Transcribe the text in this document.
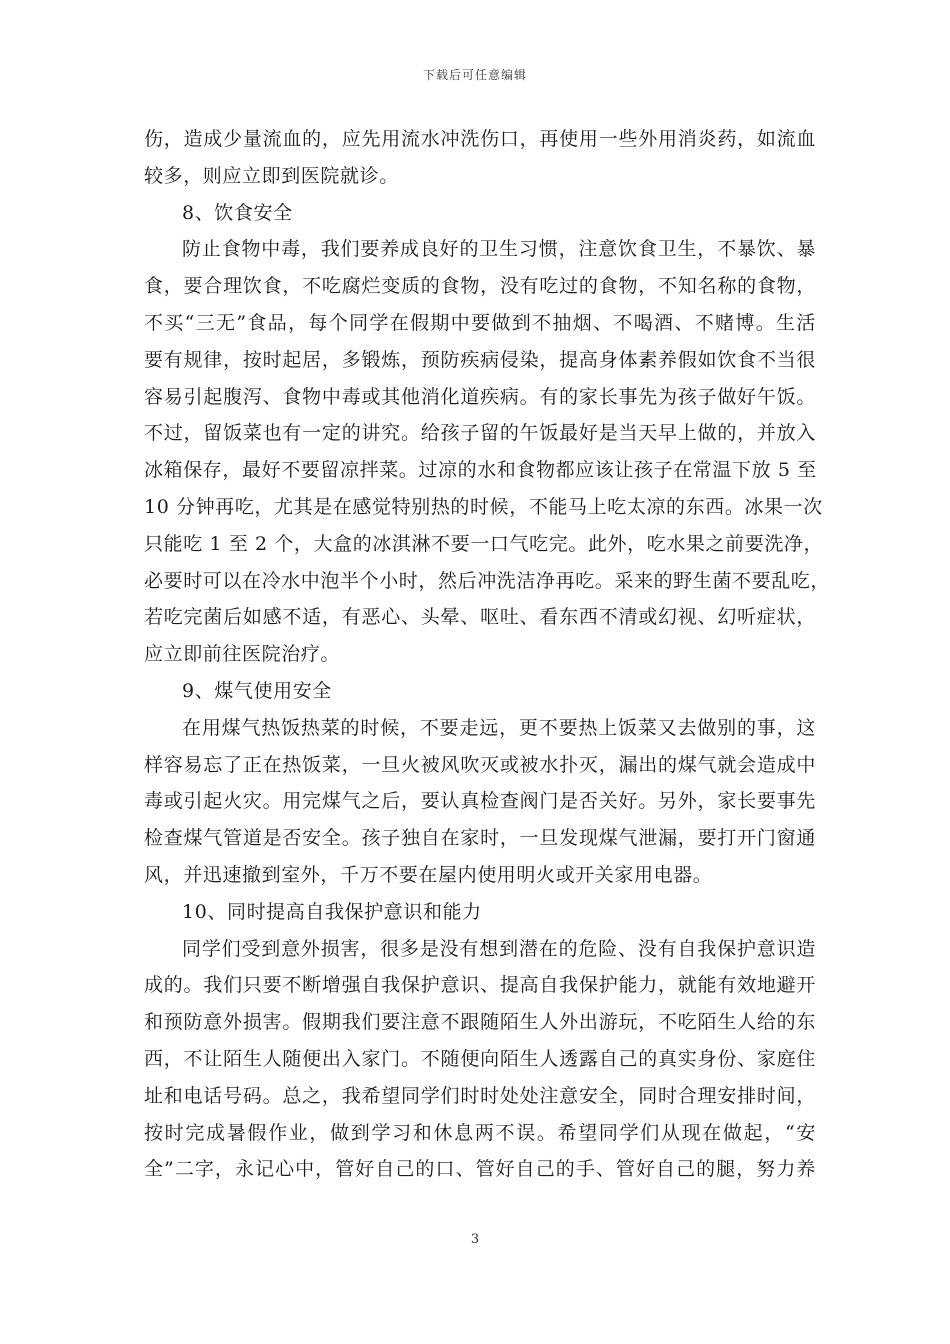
下载后可任意编辑
伤，造成少量流血的，应先用流水冲洗伤口，再使用一些外用消炎药，如流血
较多，则应立即到医院就诊。
8、饮食安全
防止食物中毒，我们要养成良好的卫生习惯，注意饮食卫生，不暴饮、暴
食，要合理饮食，不吃腐烂变质的食物，没有吃过的食物，不知名称的食物，
不买“三无”食品，每个同学在假期中要做到不抽烟、不喝酒、不赌博。生活
要有规律，按时起居，多锻炼，预防疾病侵染，提高身体素养假如饮食不当很
容易引起腹泻、食物中毒或其他消化道疾病。有的家长事先为孩子做好午饭。
不过，留饭菜也有一定的讲究。给孩子留的午饭最好是当天早上做的，并放入
冰箱保存，最好不要留凉拌菜。过凉的水和食物都应该让孩子在常温下放 5 至
10 分钟再吃，尤其是在感觉特别热的时候，不能马上吃太凉的东西。冰果一次
只能吃 1 至 2 个，大盒的冰淇淋不要一口气吃完。此外，吃水果之前要洗净，
必要时可以在冷水中泡半个小时，然后冲洗洁净再吃。采来的野生菌不要乱吃，
若吃完菌后如感不适，有恶心、头晕、呕吐、看东西不清或幻视、幻听症状，
应立即前往医院治疗。
9、煤气使用安全
在用煤气热饭热菜的时候，不要走远，更不要热上饭菜又去做别的事，这
样容易忘了正在热饭菜，一旦火被风吹灭或被水扑灭，漏出的煤气就会造成中
毒或引起火灾。用完煤气之后，要认真检查阀门是否关好。另外，家长要事先
检查煤气管道是否安全。孩子独自在家时，一旦发现煤气泄漏，要打开门窗通
风，并迅速撤到室外，千万不要在屋内使用明火或开关家用电器。
10、同时提高自我保护意识和能力
同学们受到意外损害，很多是没有想到潜在的危险、没有自我保护意识造
成的。我们只要不断增强自我保护意识、提高自我保护能力，就能有效地避开
和预防意外损害。假期我们要注意不跟随陌生人外出游玩，不吃陌生人给的东
西，不让陌生人随便出入家门。不随便向陌生人透露自己的真实身份、家庭住
址和电话号码。总之，我希望同学们时时处处注意安全，同时合理安排时间，
按时完成暑假作业，做到学习和休息两不误。希望同学们从现在做起，“安
全”二字，永记心中，管好自己的口、管好自己的手、管好自己的腿，努力养
3
